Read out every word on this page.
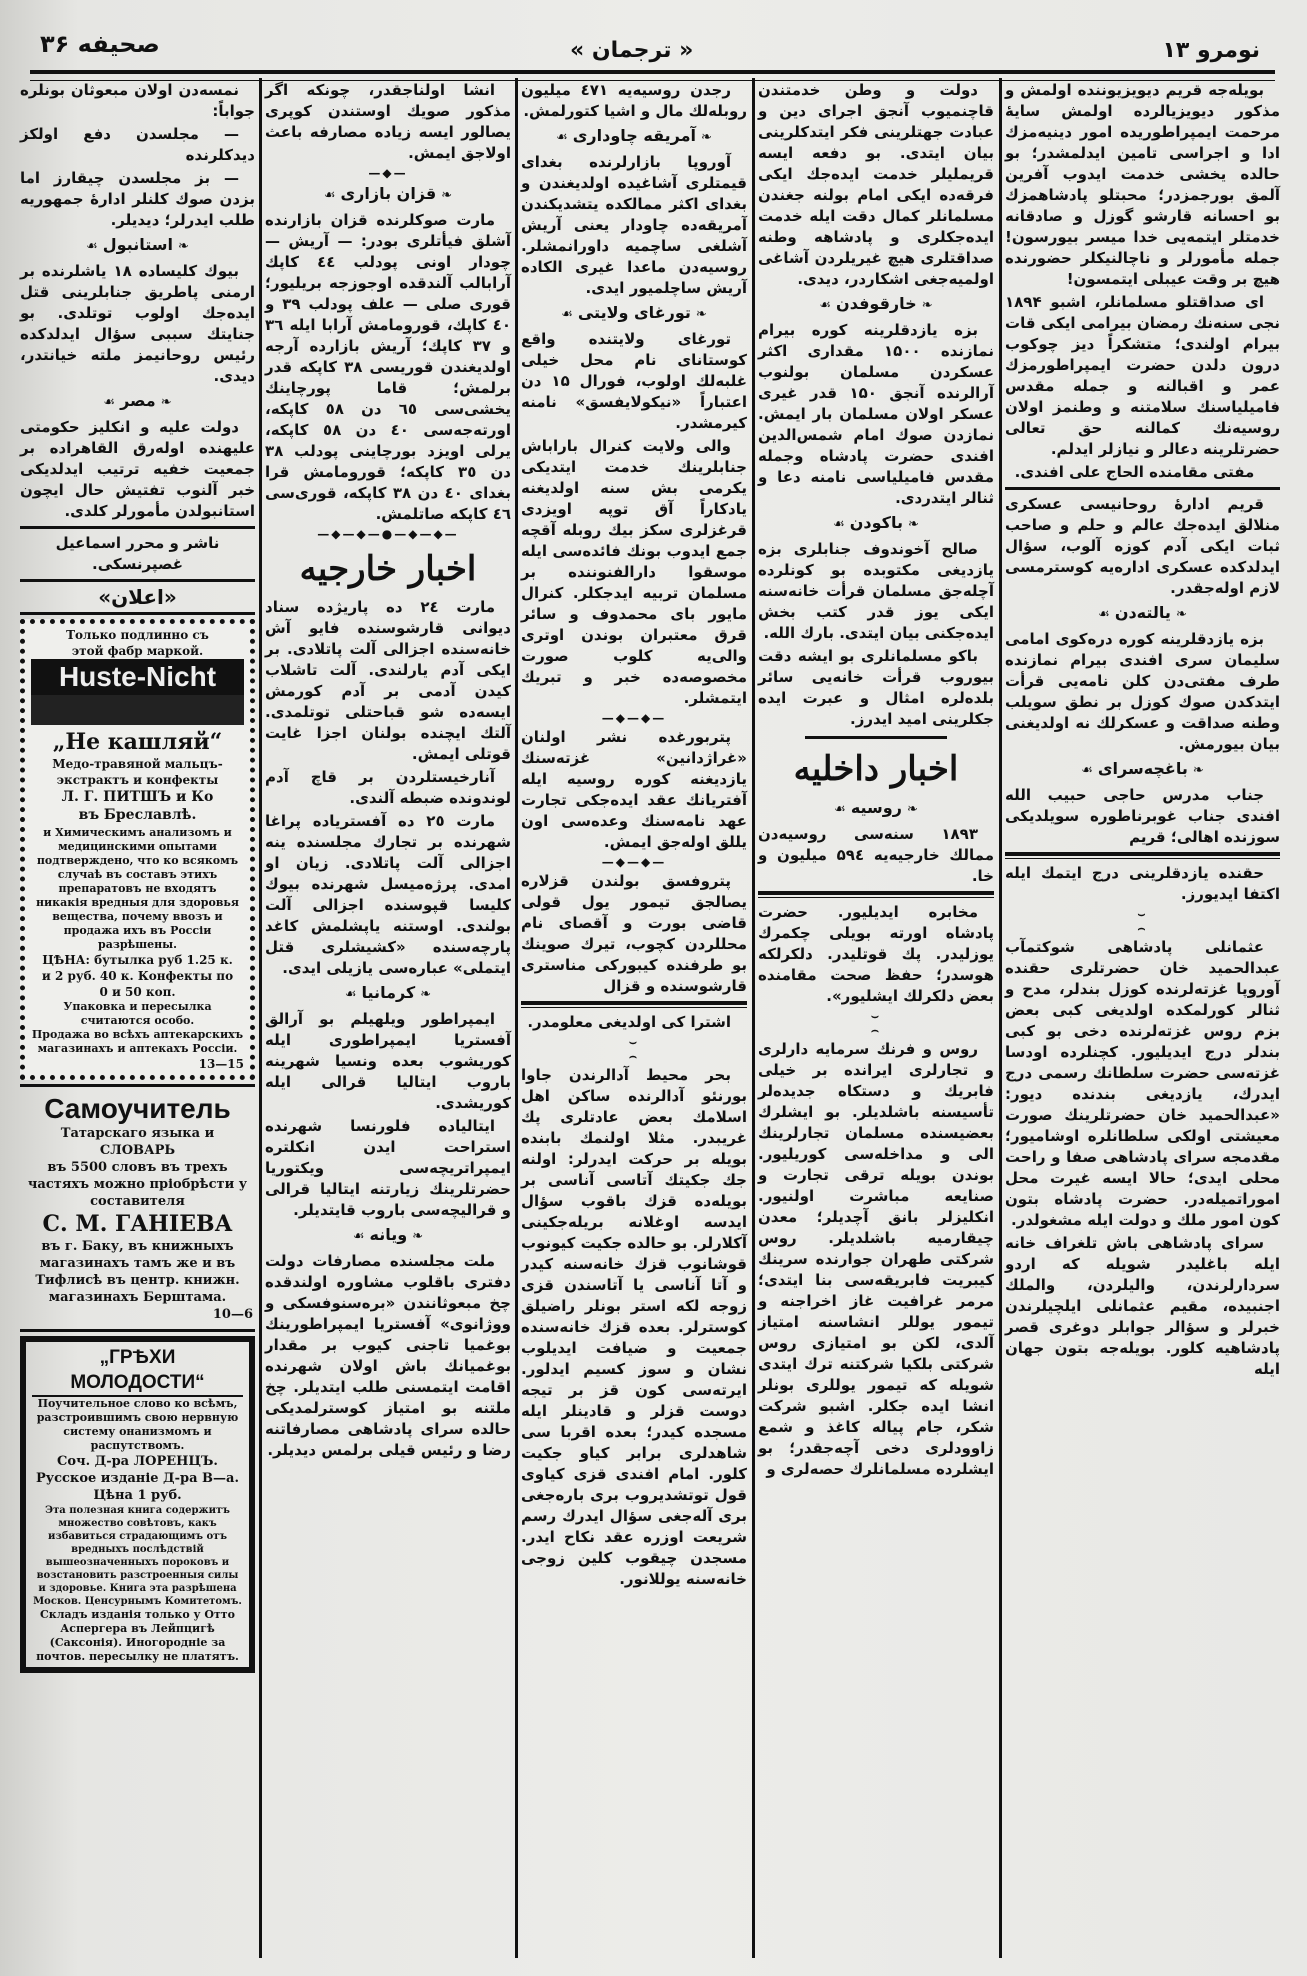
صحیفه ۳۶	« ترجمان »	نومرو ۱۳

بویلەجە قریم دیویزیوننده اولمش و مذکور دیویزیالرده اولمش سایهٔ مرحمت ایمپراطوریده امور دینیه‌مزك ادا و اجراسی تامین ایدلمشدر؛ بو حالده یخشی خدمت ایدوب آفرین آلمق بورجمزدر؛ محبتلو پادشاهمزك بو احسانه قارشو گوزل و صادقانه خدمتلر ایتمه‌یی خدا میسر بیورسون! جمله مأمورلر و ناچالنیكلر حضورنده هیچ بر وقت عیبلی ایتمسون!

ای صداقتلو مسلمانلر، اشبو ۱۸۹۴ نجی سنەنك رمضان بیرامی ایکی قات بیرام اولندی؛ متشکراً دیز چوكوب درون دلدن حضرت ایمپراطورمزك عمر و اقبالنه و جمله مقدس فامیلیاسنك سلامتنه و وطنمز اولان روسیه‌نك کمالنه حق تعالی حضرتلرینه دعالر و نیازلر ایدلم.

مفتی مقامنده الحاج علی افندی.

قریم ادارهٔ روحانیسی عسکری منلالق ایده‌جك عالم و حلم و صاحب ثبات ایکی آدم کوزه آلوب، سؤال ایدلدکده عسکری اداره‌یه کوسترمسی لازم اوله‌جقدر.

❧یالته‌دن☙

بزه یازدقلرینه کوره دره‌کوی امامی سلیمان سری افندی بیرام نمازنده طرف مفتی‌دن کلن نامه‌یی قرأت ایتدکدن صوك کوزل بر نطق سویلب وطنه صداقت و عسکرلك نه اولدیغنی بیان بیورمش.

❧باغچه‌سرای☙

جناب مدرس حاجی حبیب الله افندی جناب غوبرناطوره سویلدیکی سوزنده اهالی؛ قریم

حقنده یازدقلرینی درج ایتمك ایله اکتفا ایدیورز.

⌣
⌢

عثمانلی پادشاهی شوکتمآب عبدالحمید خان حضرتلری حقنده آوروپا غزته‌لرنده کوزل بندلر، مدح و ثنالر کورلمکده اولدیغی کبی بعض بزم روس غزته‌لرنده دخی بو کبی بندلر درج ایدیلیور. کچنلرده اودسا غزته‌سی حضرت سلطانك رسمی درج ایدرك، یازدیغی بندنده دیور: «عبدالحمید خان حضرتلرینك صورت معیشتی اولکی سلطانلره اوشامیور؛ مقدمجه سرای پادشاهی صفا و راحت محلی ایدی؛ حالا ایسه غیرت محل اموراتمیلەدر. حضرت پادشاه بتون کون امور ملك و دولت ایله مشغولدر.

سرای پادشاهی باش تلغراف خانه ایله باغلیدر شویله که اردو سردارلرندن، والیلردن، والملك اجنبیده، مقیم عثمانلی ایلچیلرندن خبرلر و سؤالر جوابلر دوغری قصر پادشاهیه کلور. بویله‌جه بتون جهان ایله

دولت و وطن خدمتندن قاچنمیوب آنجق اجرای دین و عبادت جهتلرینی فکر ایتدکلرینی بیان ایتدی. بو دفعه ایسه قریملیلر خدمت ایده‌جك ایکی فرقه‌ده ایکی امام بولنه جغندن مسلمانلر کمال دقت ایله خدمت ایده‌جکلری و پادشاهه وطنه صداقتلری هیچ غیریلردن آشاغی اولمیه‌جغی اشکاردر، دیدی.

❧خارقوفدن☙

بزه یازدقلرینه کوره بیرام نمازنده ۱۵۰۰ مقداری اکثر عسکردن مسلمان بولنوب آرالرنده آنجق ۱۵۰ قدر غیری عسکر اولان مسلمان بار ایمش. نمازدن صوك امام شمس‌الدین افندی حضرت پادشاه وجمله مقدس فامیلیاسی نامنه دعا و ثنالر ایتدردی.

❧باکودن☙

صالح آخوندوف جنابلری بزه یازدیغی مکتوبده بو کونلرده آچله‌جق مسلمان قرأت خانه‌سنه ایکی یوز قدر کتب بخش ایده‌جکنی بیان ایتدی. بارك الله.

باکو مسلمانلری بو ایشه دقت بیوروب قرأت خانه‌یی سائر بلدەلره امثال و عبرت ایده جکلرینی امید ایدرز.

اخبار داخلیه
❧روسیه☙

۱۸۹۳ سنه‌سی روسیه‌دن ممالك خارجیه‌یه ۵۹٤ میلیون و خا.

مخابره ایدیلیور. حضرت پادشاه اورته بویلی چکمرك یوزلیدر. پك قوتلیدر. دلکرلکه هوسدر؛ حفظ صحت مقامنده بعض دلکرلك ایشلیور».

⌣
⌢

روس و فرنك سرمایه دارلری و تجارلری ایرانده بر خیلی فابریك و دستکاه جدیده‌لر تأسیسنه باشلدیلر. بو ایشلرك بعضیسنده مسلمان تجارلرینك الی و مداخلەسی کوریلیور. بوندن بویله ترقی تجارت و صنایعه مباشرت اولنیور. انکلیزلر بانق آچدیلر؛ معدن چیقارمیه باشلدیلر. روس شرکتی طهران جوارنده سرینك کیبریت فابریقه‌سی بنا ایتدی؛ مرمر غرافیت غاز اخراجنه و تیمور یوللر انشاسنه امتیاز آلدی، لکن بو امتیازی روس شرکتی بلکیا شرکتنه ترك ایتدی شویله که تیمور یوللری بونلر انشا ایده جکلر. اشبو شرکت شکر، جام پیالە کاغذ و شمع زاوودلری دخی آچه‌جقدر؛ بو ایشلرده مسلمانلرك حصه‌لری و

رجدن روسیه‌یه ٤۷۱ میلیون روبله‌لك مال و اشیا کتورلمش.

❧آمریقه چاوداری☙

آوروپا بازارلرنده بغدای قیمتلری آشاغیده اولدیغندن و بغدای اکثر ممالکده یتشدیکندن آمریقه‌ده چاودار یعنی آریش آشلغی ساچمیه داورانمشلر. روسیه‌دن ماعدا غیری الکاده آریش ساچلمیور ایدی.

❧تورغای ولایتی☙

تورغای ولایتنده واقع کوستانای نام محل خیلی غلبه‌لك اولوب، فورال ۱۵ دن اعتباراً «نیکولایفسق» نامنه کیرمشدر.

والی ولایت کنرال باراباش جنابلرینك خدمت ایتدیکی یکرمی بش سنه اولدیغنه یادکاراً آق توپه اویزدی قرغزلری سکز بیك روبله آقچه جمع ایدوب بونك فائده‌سی ایله موسقوا دارالفنوننده بر مسلمان تربیه ایدجکلر. کنرال مایور بای محمدوف و سائر قرق معتبران بوندن اوتری والی‌یه کلوب صورت مخصوصه‌ده خبر و تبریك ایتمشلر.

—◆—◆—

پتربورغده نشر اولنان «غراژدانین» غزته‌سنك یازدیغنه کوره روسیه ایله آفتریانك عقد ایده‌جکی تجارت عهد نامه‌سنك وعده‌سی اون یللق اوله‌جق ایمش.

—◆—◆—

پتروفسق بولندن قزلاره یصالجق تیمور یول قولی قاضی بورت و آقصای نام محللردن کچوب، تیرك صوینك بو طرفنده کیبورکی مناستری قارشوسنده و قزال

اشترا کی اولدیغی معلومدر.

⌣
⌢

بحر محیط آدالرندن جاوا بورنئو آدالرنده ساکن اهل اسلامك بعض عادتلری پك غریبدر. مثلا اولنمك بابنده بویله بر حرکت ایدرلر: اولنه جك جکیتك آتاسی آناسی بر بویله‌ده قزك باقوب سؤال ایدسه اوغلانه بریلەجکینی آکلارلر. بو حالده جکیت کیونوب قوشانوب قزك خانه‌سنه کیدر و آتا آناسی یا آتاسندن قزی زوجه لکه استر بونلر راضیلق کوسترلر. بعده قزك خانه‌سنده جمعیت و ضیافت ایدیلوب نشان و سوز کسیم ایدلور. ایرته‌سی کون قز بر تیجه دوست قزلر و قادینلر ایله مسجده کیدر؛ بعده اقربا سی شاهدلری برابر کیاو جکیت کلور. امام افندی قزی کیاوی قول توتشدیروب بری بارەجغی بری آلەجغی سؤال ایدرك رسم شریعت اوزره عقد نکاح ایدر. مسجدن چیقوب کلین زوجی خانه‌سنه یوللانور.

انشا اولناجقدر، چونکه اگر مذکور صویك اوستندن کوپری یصالور ایسه زیاده مصارفه باعث اولاجق ایمش.

—◆—
❧قزان بازاری☙

مارت صوکلرنده قزان بازارنده آشلق فیأتلری بودر: — آریش — چودار اونی پودلب ٤٤ کاپك آرابالب آلندقده اوجوزجه بریلیور؛ قوری صلی — علف پودلب ۳۹ و ٤۰ کاپك، قورومامش آرابا ایله ۳٦ و ۳۷ کاپك؛ آریش بازارده آرجه اولدیغندن قوریسی ۳۸ کاپکه قدر برلمش؛ قاما پورچاینك یخشی‌سی ٦٥ دن ٥۸ کاپکه، اورته‌جه‌سی ٤۰ دن ٥۸ کاپکه، یرلی اویزد بورچاینی پودلب ۳۸ دن ۳٥ کاپکه؛ قورومامش قرا بغدای ٤۰ دن ۳۸ کاپکه، قوری‌سی ٤٦ کاپکه صاتلمش.

—◆—◆—●—◆—◆—
اخبار خارجیه

مارت ۲٤ ده پاریژده سناد دیوانی قارشوسنده فایو آش خانه‌سنده اجزالی آلت پاتلادی. بر ایکی آدم یارلندی. آلت تاشلاب کیدن آدمی بر آدم کورمش ایسه‌ده شو قباحتلی توتلمدی. آلتك ایچنده بولنان اجزا غایت قوتلی ایمش.

آنارخیستلردن بر قاچ آدم لوندونده ضبطه آلندی.

مارت ۲٥ ده آفستریاده پراغا شهرنده بر تجارك مجلسنده ینه اجزالی آلت پاتلادی. زیان او امدی. پرژه‌میسل شهرنده بیوك کلیسا قپوسنده اجزالی آلت بولندی. اوستنه یاپشلمش کاغد پارچه‌سنده «کشیشلری قتل ایتملی» عباره‌سی یازیلی ایدی.

❧کرمانیا☙

ایمپراطور ویلهیلم بو آرالق آفستریا ایمپراطوری ایله کوریشوب بعده ونسیا شهرینه باروب ایتالیا قرالی ایله کوریشدی.

ایتالیاده فلورنسا شهرنده استراحت ایدن انکلتره ایمپراتریچه‌سی ویکتوریا حضرتلرینك زیارتنه ایتالیا قرالی و قرالیچه‌سی باروب قایتدیلر.

❧ویانه☙

ملت مجلسنده مصارفات دولت دفتری باقلوب مشاوره اولندقده چخ مبعوثانندن «بره‌سنوفسکی و ووژانوی» آفستریا ایمپراطورینك بوغمیا تاجنی کیوب بر مقدار بوغمیانك باش اولان شهرنده اقامت ایتمسنی طلب ایتدیلر. چخ ملتنه بو امتیاز کوسترلمدیکی حالده سرای پادشاهی مصارفاتنه رضا و رئیس قیلی برلمس دیدیلر.

نمسه‌دن اولان مبعوثان بونلره جواباً:

— مجلسدن دفع اولکز دیدکلرنده

— بز مجلسدن چیقارز اما بزدن صوك کلنلر ادارهٔ جمهوریه طلب ایدرلر؛ دیدیلر.

❧استانبول☙

بیوك کلیساده ۱۸ یاشلرنده بر ارمنی پاطریق جنابلرینی قتل ایده‌جك اولوب توتلدی. بو جنایتك سببی سؤال ایدلدکده رئیس روحانیمز ملته خیانتدر، دیدی.

❧مصر☙

دولت علیه و انکلیز حکومتی علیهنده اوله‌رق القاهراده بر جمعیت خفیه ترتیب ایدلدیکی خبر آلنوب تفتیش حال ایچون استانبولدن مأمورلر کلدی.

ناشر و محرر اسماعیل غصپرنسکی.

«اعلان»
Только подлинно съ
этой фабр маркой.
Huste-Nicht
„Не кашляй“
Медо-травяной мальцъ-экстрактъ и конфекты
Л. Г. ПИТШЪ и Ко
въ Бреславлѣ.
и Химическимъ анализомъ и медицинскими опытами подтверждено, что ко всякомъ случаѣ въ составъ этихъ препаратовъ не входятъ никакія вредныя для здоровья вещества, почему ввозъ и продажа ихъ въ Россіи разрѣшены.
ЦѢНА: бутылка руб 1.25 к.
и 2 руб. 40 к. Конфекты по
0 и 50 коп.
Упаковка и пересылка считаются особо.
Продажа во всѣхъ аптекарскихъ магазинахъ и аптекахъ Россіи.
13—15
Самоучитель
Татарскаго языка и СЛОВАРЬ
въ 5500 словъ въ трехъ частяхъ можно пріобрѣсти у составителя
С. М. ГАНІЕВА
въ г. Баку, въ книжныхъ магазинахъ тамъ же и въ Тифлисѣ въ центр. книжн. магазинахъ Берштама.
10—6
„ГРѢХИ МОЛОДОСТИ“
Поучительное слово ко всѣмъ, разстроившимъ свою нервную систему онанизмомъ и распутствомъ.
Соч. Д-ра ЛОРЕНЦЪ.
Русское изданіе Д-ра В—а.
Цѣна 1 руб.
Эта полезная книга содержитъ множество совѣтовъ, какъ избавиться страдающимъ отъ вредныхъ послѣдствій вышеозначенныхъ пороковъ и возстановить разстроенныя силы и здоровье. Книга эта разрѣшена Москов. Ценсурнымъ Комитетомъ.
Складъ изданія только у Отто Аспергера въ Лейпцигѣ (Саксонія). Иногородніе за почтов. пересылку не платятъ.
